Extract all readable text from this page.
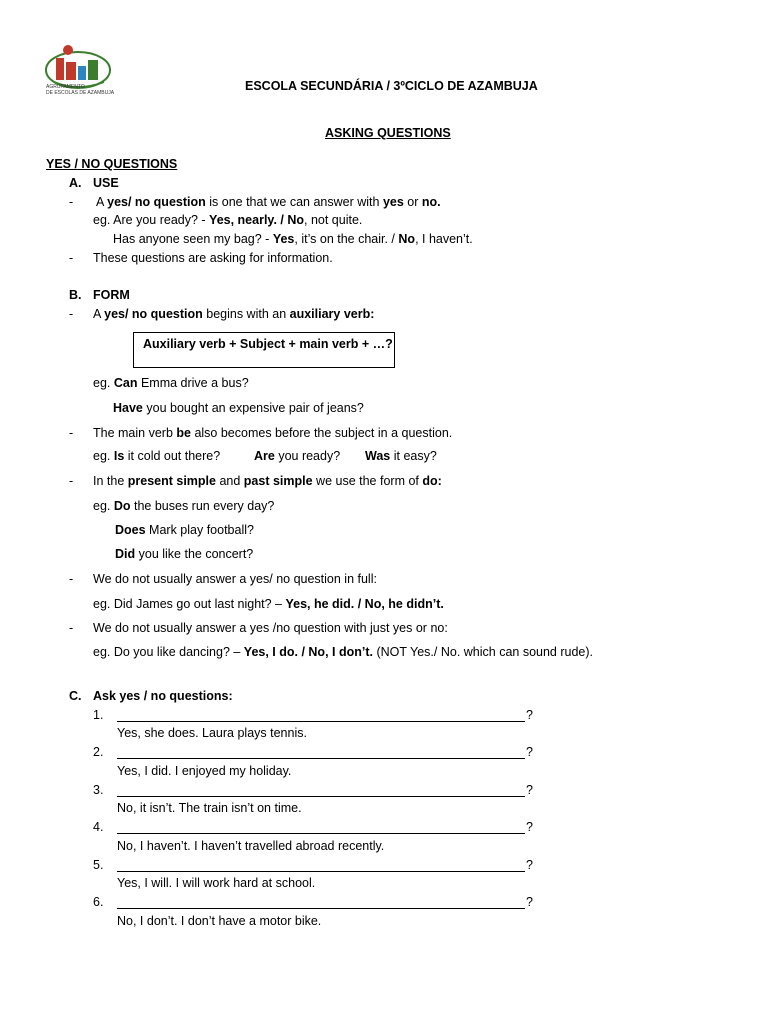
AGRUPAMENTO
DE ESCOLAS DE AZAMBUJA	ESCOLA SECUNDÁRIA / 3ºCICLO DE AZAMBUJA
ASKING QUESTIONS
YES / NO QUESTIONS
A. USE
- A yes/ no question is one that we can answer with yes or no.
eg. Are you ready? - Yes, nearly. / No, not quite.
Has anyone seen my bag? - Yes, it’s on the chair. / No, I haven’t.
- These questions are asking for information.
B. FORM
- A yes/ no question begins with an auxiliary verb:
Auxiliary verb + Subject + main verb + …?
eg. Can Emma drive a bus?
Have you bought an expensive pair of jeans?
- The main verb be also becomes before the subject in a question.
eg. Is it cold out there?	Are you ready? Was it easy?
- In the present simple and past simple we use the form of do:
eg. Do the buses run every day?
Does Mark play football?
Did you like the concert?
- We do not usually answer a yes/ no question in full:
eg. Did James go out last night? – Yes, he did. / No, he didn’t.
- We do not usually answer a yes /no question with just yes or no:
eg. Do you like dancing? – Yes, I do. / No, I don’t. (NOT Yes./ No. which can sound rude).
C. Ask yes / no questions:
1.	?
Yes, she does. Laura plays tennis.
2.	?
Yes, I did. I enjoyed my holiday.
3.	?
No, it isn’t. The train isn’t on time.
4.	?
No, I haven’t. I haven’t travelled abroad recently.
5.	?
Yes, I will. I will work hard at school.
6.	?
No, I don’t. I don’t have a motor bike.
